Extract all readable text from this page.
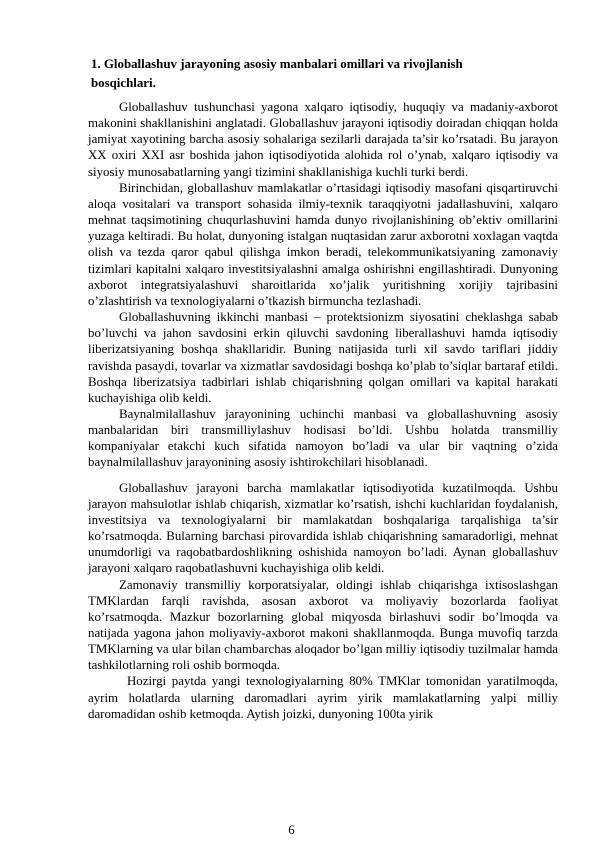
1. Globallashuv jarayoning asosiy manbalari omillari va rivojlanish bosqichlari.

Globallashuv tushunchasi yagona xalqaro iqtisodiy, huquqiy va madaniy-axborot makonini shakllanishini anglatadi. Globallashuv jarayoni iqtisodiy doiradan chiqqan holda jamiyat xayotining barcha asosiy sohalariga sezilarli darajada ta’sir ko’rsatadi. Bu jarayon XX oxiri XXI asr boshida jahon iqtisodiyotida alohida rol o’ynab, xalqaro iqtisodiy va siyosiy munosabatlarning yangi tizimini shakllanishiga kuchli turki berdi.

Birinchidan, globallashuv mamlakatlar o’rtasidagi iqtisodiy masofani qisqartiruvchi aloqa vositalari va transport sohasida ilmiy-texnik taraqqiyotni jadallashuvini, xalqaro mehnat taqsimotining chuqurlashuvini hamda dunyo rivojlanishining ob’ektiv omillarini yuzaga keltiradi. Bu holat, dunyoning istalgan nuqtasidan zarur axborotni xoxlagan vaqtda olish va tezda qaror qabul qilishga imkon beradi, telekommunikatsiyaning zamonaviy tizimlari kapitalni xalqaro investitsiyalashni amalga oshirishni engillashtiradi. Dunyoning axborot integratsiyalashuvi sharoitlarida xo’jalik yuritishning xorijiy tajribasini o’zlashtirish va texnologiyalarni o’tkazish birmuncha tezlashadi.

Globallashuvning ikkinchi manbasi – protektsionizm siyosatini cheklashga sabab bo’luvchi va jahon savdosini erkin qiluvchi savdoning liberallashuvi hamda iqtisodiy liberizatsiyaning boshqa shakllaridir. Buning natijasida turli xil savdo tariflari jiddiy ravishda pasaydi, tovarlar va xizmatlar savdosidagi boshqa ko’plab to’siqlar bartaraf etildi. Boshqa liberizatsiya tadbirlari ishlab chiqarishning qolgan omillari va kapital harakati kuchayishiga olib keldi.

Baynalmilallashuv jarayonining uchinchi manbasi va globallashuvning asosiy manbalaridan biri transmilliylashuv hodisasi bo’ldi. Ushbu holatda transmilliy kompaniyalar etakchi kuch sifatida namoyon bo’ladi va ular bir vaqtning o’zida baynalmilallashuv jarayonining asosiy ishtirokchilari hisoblanadi.

Globallashuv jarayoni barcha mamlakatlar iqtisodiyotida kuzatilmoqda. Ushbu jarayon mahsulotlar ishlab chiqarish, xizmatlar ko’rsatish, ishchi kuchlaridan foydalanish, investitsiya va texnologiyalarni bir mamlakatdan boshqalariga tarqalishiga ta’sir ko’rsatmoqda. Bularning barchasi pirovardida ishlab chiqarishning samaradorligi, mehnat unumdorligi va raqobatbardoshlikning oshishida namoyon bo’ladi. Aynan globallashuv jarayoni xalqaro raqobatlashuvni kuchayishiga olib keldi.

Zamonaviy transmilliy korporatsiyalar, oldingi ishlab chiqarishga ixtisoslashgan TMKlardan farqli ravishda, asosan axborot va moliyaviy bozorlarda faoliyat ko’rsatmoqda. Mazkur bozorlarning global miqyosda birlashuvi sodir bo’lmoqda va natijada yagona jahon moliyaviy-axborot makoni shakllanmoqda. Bunga muvofiq tarzda TMKlarning va ular bilan chambarchas aloqador bo’lgan milliy iqtisodiy tuzilmalar hamda tashkilotlarning roli oshib bormoqda.

Hozirgi paytda yangi texnologiyalarning 80% TMKlar tomonidan yaratilmoqda, ayrim holatlarda ularning daromadlari ayrim yirik mamlakatlarning yalpi milliy daromadidan oshib ketmoqda. Aytish joizki, dunyoning 100ta yirik

6
